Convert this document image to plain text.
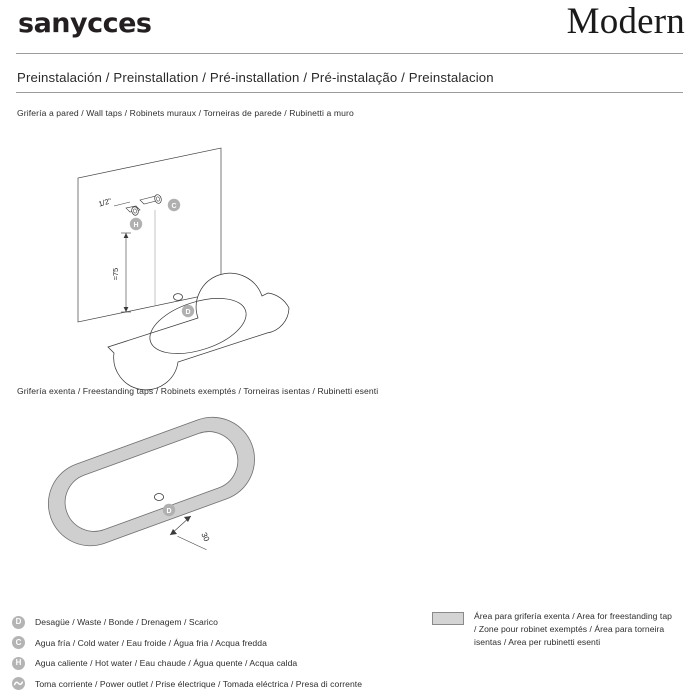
sanycces	Modern
Preinstalación / Preinstallation / Pré-installation / Pré-instalação / Preinstalacion
Grifería a pared / Wall taps / Robinets muraux / Torneiras de parede / Rubinetti a muro
D
C
H
1/2"
≈75
Grifería exenta / Freestanding taps / Robinets exemptés / Torneiras isentas / Rubinetti esenti
D
30
D	Desagüe / Waste / Bonde / Drenagem / Scarico
C	Agua fría / Cold water / Eau froide / Água fria / Acqua fredda
H	Agua caliente / Hot water / Eau chaude / Água quente / Acqua calda
Toma corriente / Power outlet / Prise électrique / Tomada eléctrica / Presa di corrente
Área para grifería exenta / Area for freestanding tap
/ Zone pour robinet exemptés / Área para torneira
isentas / Area per rubinetti esenti
